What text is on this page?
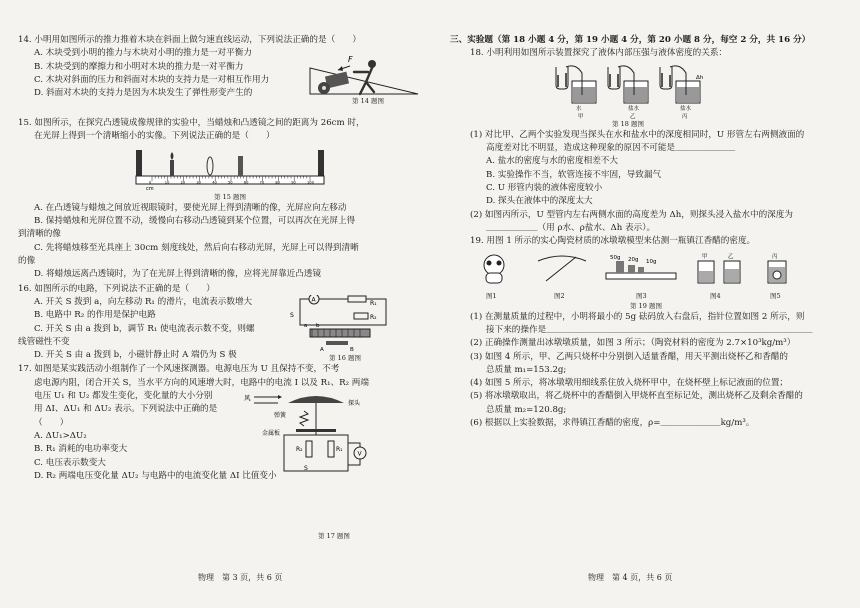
14. 小明用如图所示的推力推着木块在斜面上做匀速直线运动，下列说法正确的是（　　）
A. 木块受到小明的推力与木块对小明的推力是一对平衡力
B. 木块受到的摩擦力和小明对木块的推力是一对平衡力
C. 木块对斜面的压力和斜面对木块的支持力是一对相互作用力
D. 斜面对木块的支持力是因为木块发生了弹性形变产生的
F
第 14 题图
15. 如图所示，在探究凸透镜成像规律的实验中，当蜡烛和凸透镜之间的距离为 26cm 时，
在光屏上得到一个清晰缩小的实像。下列说法正确的是（　　）
0	10	20	30	40	50	60	70	80	90	100
cm
第 15 题图
A. 在凸透镜与蜡烛之间放近视眼镜时，要使光屏上得到清晰的像，光屏应向左移动
B. 保持蜡烛和光屏位置不动，缓慢向右移动凸透镜到某个位置，可以再次在光屏上得
到清晰的像
C. 先将蜡烛移至光具座上 30cm 刻度线处，然后向右移动光屏，光屏上可以得到清晰
的像
D. 将蜡烛远离凸透镜时，为了在光屏上得到清晰的像，应将光屏靠近凸透镜
16. 如图所示的电路，下列说法不正确的是（　　）
A. 开关 S 拨到 a，向左移动 R₁ 的滑片，电流表示数增大
B. 电路中 R₂ 的作用是保护电路
C. 开关 S 由 a 拨到 b，调节 R₁ 使电流表示数不变，则螺
线管磁性不变
D. 开关 S 由 a 拨到 b，小磁针静止时 A 端仍为 S 极
A	R₁
S
a b
R₂
A	B
第 16 题图
17. 如图是某实践活动小组制作了一个风速探测器。电源电压为 U 且保持不变，不考
虑电源内阻，闭合开关 S，当水平方向的风速增大时，电路中的电流 I 以及 R₁、R₂ 两端
电压 U₁ 和 U₂ 都发生变化，变化量的大小分别
用 ΔI、ΔU₁ 和 ΔU₂ 表示。下列说法中正确的是
（　　）
A. ΔU₁>ΔU₂
B. R₁ 消耗的电功率变大
C. 电压表示数变大
D. R₂ 两端电压变化量 ΔU₂ 与电路中的电流变化量 ΔI 比值变小
风
探头
弹簧
金属板
R₂	R₁
V
S
第 17 题图
物理　第 3 页，共 6 页
三、实验题（第 18 小题 4 分，第 19 小题 4 分，第 20 小题 8 分，每空 2 分，共 16 分）
18. 小明利用如图所示装置探究了液体内部压强与液体密度的关系：
水
甲
盐水
乙
盐水
丙
Δh
第 18 题图
(1) 对比甲、乙两个实验发现当探头在水和盐水中的深度相同时，U 形管左右两侧液面的
高度差对比不明显，造成这种现象的原因不可能是＿＿＿＿＿＿＿
A. 盐水的密度与水的密度相差不大
B. 实验操作不当，软管连接不牢固，导致漏气
C. U 形管内装的液体密度较小
D. 探头在液体中的深度太大
(2) 如图丙所示，U 型管内左右两侧水面的高度差为 Δh，则探头浸入盐水中的深度为
＿＿＿＿＿＿（用 ρ水、ρ盐水、Δh 表示）。
19. 用图 1 所示的实心陶瓷材质的冰墩墩模型来估测一瓶镇江香醋的密度。
50g 20g 10g
甲	乙	丙
图1	图2	图3	图4	图5
第 19 题图
(1) 在测量质量的过程中，小明将最小的 5g 砝码放入右盘后，指针位置如图 2 所示，则
接下来的操作是＿＿＿＿＿＿＿＿＿＿＿＿＿＿＿＿＿＿＿＿＿＿＿＿＿＿＿＿＿＿＿
(2) 正确操作测量出冰墩墩质量，如图 3 所示；（陶瓷材料的密度为 2.7×10³kg/m³）
(3) 如图 4 所示，甲、乙两只烧杯中分别倒入适量香醋，用天平测出烧杯乙和香醋的
总质量 m₁=153.2g;
(4) 如图 5 所示，将冰墩墩用细线系住放入烧杯甲中，在烧杯壁上标记液面的位置；
(5) 将冰墩墩取出，将乙烧杯中的香醋倒入甲烧杯直至标记处，测出烧杯乙及剩余香醋的
总质量 m₂=120.8g;
(6) 根据以上实验数据，求得镇江香醋的密度，ρ=＿＿＿＿＿＿＿kg/m³。
物理　第 4 页，共 6 页
